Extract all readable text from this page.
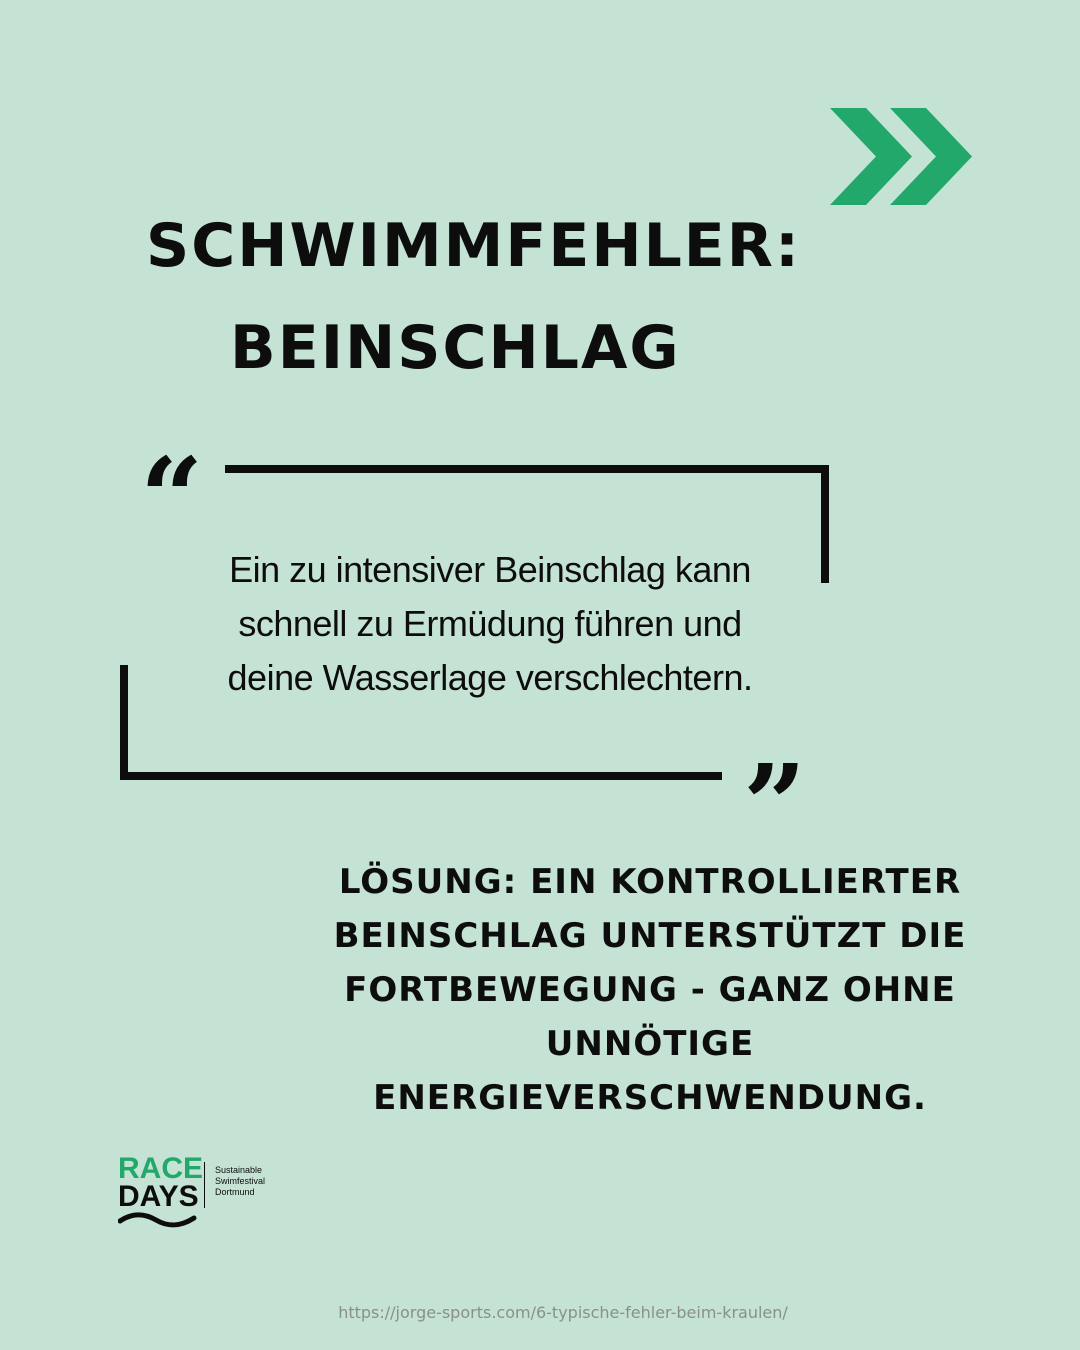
SCHWIMMFEHLER:
BEINSCHLAG
“
”

Ein zu intensiver Beinschlag kann
schnell zu Ermüdung führen und
deine Wasserlage verschlechtern.

LÖSUNG: EIN KONTROLLIERTER
BEINSCHLAG UNTERSTÜTZT DIE
FORTBEWEGUNG - GANZ OHNE
UNNÖTIGE
ENERGIEVERSCHWENDUNG.

RACE
DAYS
Sustainable
Swimfestival
Dortmund
https://jorge-sports.com/6-typische-fehler-beim-kraulen/
